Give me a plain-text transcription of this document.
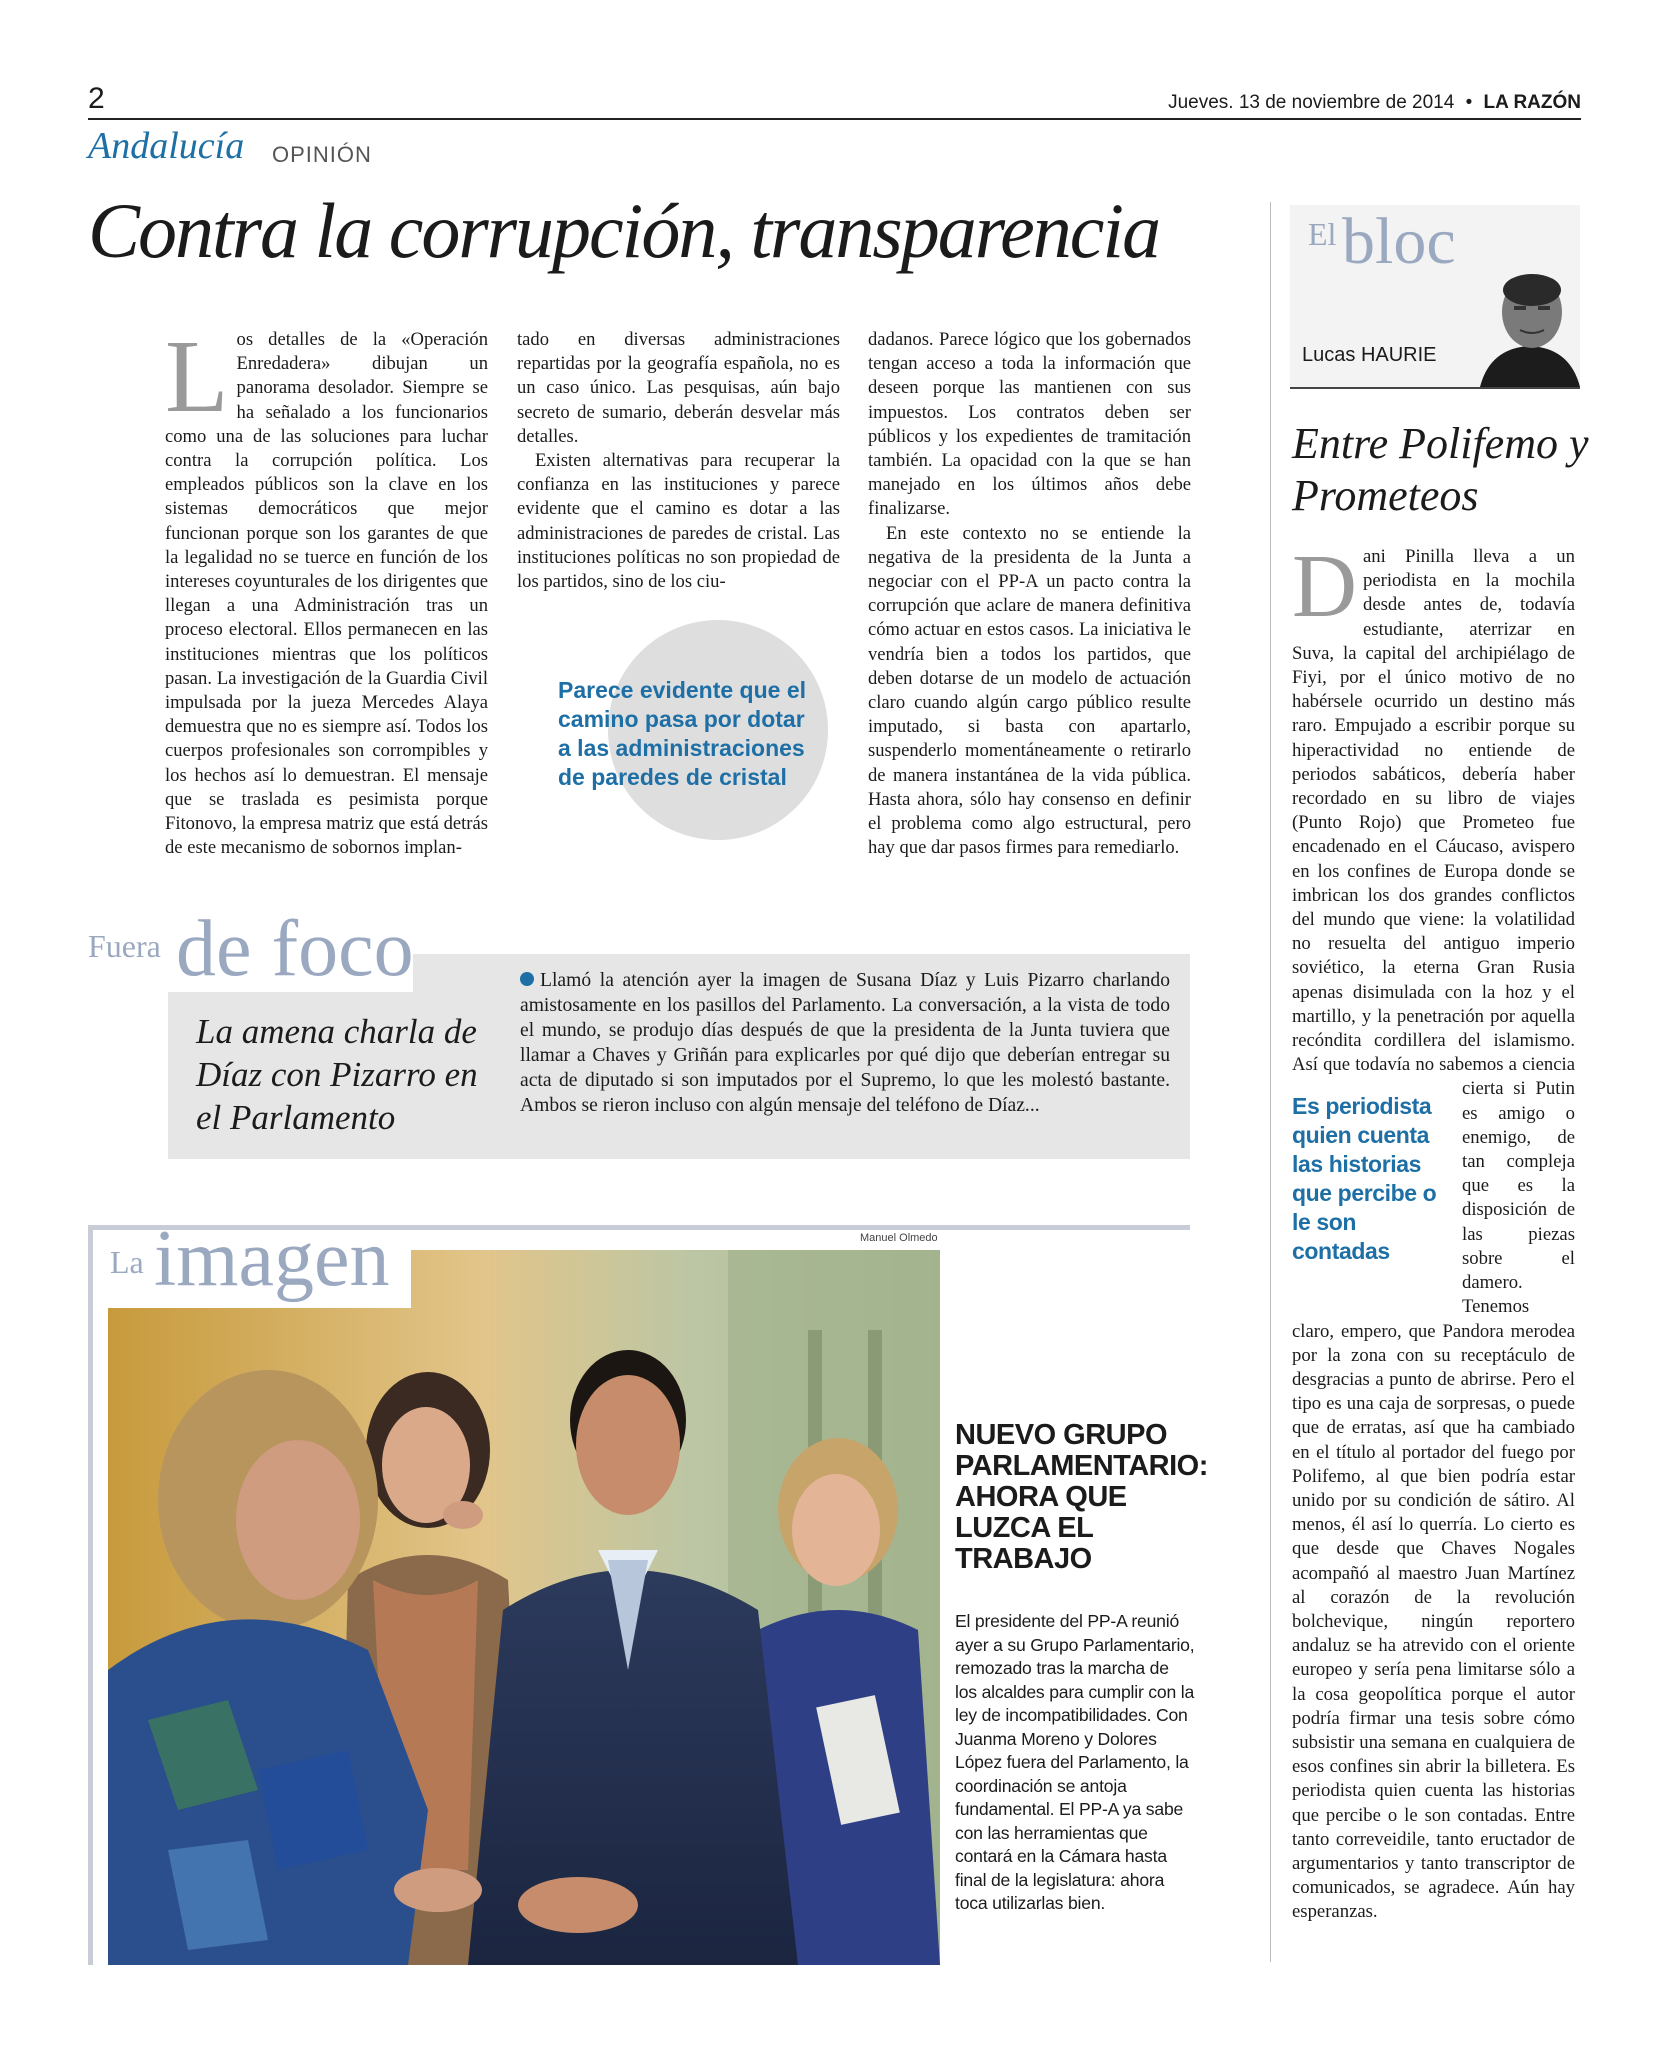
2	Jueves. 13 de noviembre de 2014 • LA RAZÓN
Andalucía OPINIÓN
Contra la corrupción, transparencia
L os detalles de la «Operación Enredadera» dibujan un panorama desolador. Siempre se ha señalado a los funcionarios como una de las soluciones para luchar contra la corrupción política. Los empleados públicos son la clave en los sistemas democráticos que mejor funcionan porque son los garantes de que la legalidad no se tuerce en función de los intereses coyunturales de los dirigentes que llegan a una Administración tras un proceso electoral. Ellos permanecen en las instituciones mientras que los políticos pasan. La investigación de la Guardia Civil impulsada por la jueza Mercedes Alaya demuestra que no es siempre así. Todos los cuerpos profesionales son corrompibles y los hechos así lo demuestran. El mensaje que se traslada es pesimista porque Fitonovo, la empresa matriz que está detrás de este mecanismo de sobornos implan-

tado en diversas administraciones repartidas por la geografía española, no es un caso único. Las pesquisas, aún bajo secreto de sumario, deberán desvelar más detalles.

Existen alternativas para recuperar la confianza en las instituciones y parece evidente que el camino es dotar a las administraciones de paredes de cristal. Las instituciones políticas no son propiedad de los partidos, sino de los ciu-

dadanos. Parece lógico que los gobernados tengan acceso a toda la información que deseen porque las mantienen con sus impuestos. Los contratos deben ser públicos y los expedientes de tramitación también. La opacidad con la que se han manejado en los últimos años debe finalizarse.

En este contexto no se entiende la negativa de la presidenta de la Junta a negociar con el PP-A un pacto contra la corrupción que aclare de manera definitiva cómo actuar en estos casos. La iniciativa le vendría bien a todos los partidos, que deben dotarse de un modelo de actuación claro cuando algún cargo público resulte imputado, si basta con apartarlo, suspenderlo momentáneamente o retirarlo de manera instantánea de la vida pública. Hasta ahora, sólo hay consenso en definir el problema como algo estructural, pero hay que dar pasos firmes para remediarlo.

Parece evidente que el camino pasa por dotar a las administraciones de paredes de cristal
Fuera de foco
La amena charla de Díaz con Pizarro en el Parlamento
Llamó la atención ayer la imagen de Susana Díaz y Luis Pizarro charlando amistosamente en los pasillos del Parlamento. La conversación, a la vista de todo el mundo, se produjo días después de que la presidenta de la Junta tuviera que llamar a Chaves y Griñán para explicarles por qué dijo que deberían entregar su acta de diputado si son imputados por el Supremo, lo que les molestó bastante. Ambos se rieron incluso con algún mensaje del teléfono de Díaz...
La imagen	Manuel Olmedo
NUEVO GRUPO PARLAMENTARIO: AHORA QUE LUZCA EL TRABAJO
El presidente del PP-A reunió ayer a su Grupo Parlamentario, remozado tras la marcha de los alcaldes para cumplir con la ley de incompatibilidades. Con Juanma Moreno y Dolores López fuera del Parlamento, la coordinación se antoja fundamental. El PP-A ya sabe con las herramientas que contará en la Cámara hasta final de la legislatura: ahora toca utilizarlas bien.
El bloc
Lucas HAURIE
Entre Polifemo y Prometeos
D ani Pinilla lleva a un periodista en la mochila desde antes de, todavía estudiante, aterrizar en Suva, la capital del archipiélago de Fiyi, por el único motivo de no habérsele ocurrido un destino más raro. Empujado a escribir porque su hiperactividad no entiende de periodos sabáticos, debería haber recordado en su libro de viajes (Punto Rojo) que Prometeo fue encadenado en el Cáucaso, avispero en los confines de Europa donde se imbrican los dos grandes conflictos del mundo que viene: la volatilidad no resuelta del antiguo imperio soviético, la eterna Gran Rusia apenas disimulada con la hoz y el martillo, y la penetración por aquella recóndita cordillera del islamismo. Así que todavía no sabemos a ciencia cierta si Putin es amigo o enemigo, de tan compleja que es la disposición de las piezas sobre el damero. Tenemos claro, empero, que Pandora merodea por la zona con su receptáculo de desgracias a punto de abrirse. Pero el tipo es una caja de sorpresas, o puede que de erratas, así que ha cambiado en el título al portador del fuego por Polifemo, al que bien podría estar unido por su condición de sátiro. Al menos, él así lo querría. Lo cierto es que desde que Chaves Nogales acompañó al maestro Juan Martínez al corazón de la revolución bolchevique, ningún reportero andaluz se ha atrevido con el oriente europeo y sería pena limitarse sólo a la cosa geopolítica porque el autor podría firmar una tesis sobre cómo subsistir una semana en cualquiera de esos confines sin abrir la billetera. Es periodista quien cuenta las historias que percibe o le son contadas. Entre tanto correveidile, tanto eructador de argumentarios y tanto transcriptor de comunicados, se agradece. Aún hay esperanzas.
Es periodista quien cuenta las historias que percibe o le son contadas
